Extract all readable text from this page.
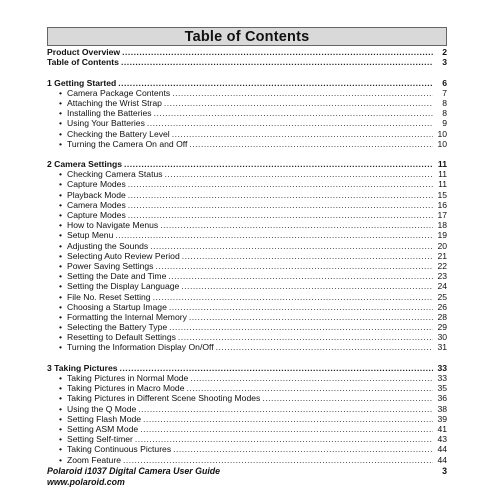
Table of Contents
Product Overview .....	2
Table of Contents .....	3
1 Getting Started .....	6
• Camera Package Contents .....	7
• Attaching the Wrist Strap .....	8
• Installing the Batteries .....	8
• Using Your Batteries .....	9
• Checking the Battery Level .....	10
• Turning the Camera On and Off .....	10
2 Camera Settings .....	11
• Checking Camera Status .....	11
• Capture Modes .....	11
• Playback Mode .....	15
• Camera Modes .....	16
• Capture Modes .....	17
• How to Navigate Menus .....	18
• Setup Menu .....	19
• Adjusting the Sounds .....	20
• Selecting Auto Review Period .....	21
• Power Saving Settings .....	22
• Setting the Date and Time .....	23
• Setting the Display Language .....	24
• File No. Reset Setting .....	25
• Choosing a Startup Image .....	26
• Formatting the Internal Memory .....	28
• Selecting the Battery Type .....	29
• Resetting to Default Settings .....	30
• Turning the Information Display On/Off .....	31
3 Taking Pictures .....	33
• Taking Pictures in Normal Mode .....	33
• Taking Pictures in Macro Mode .....	35
• Taking Pictures in Different Scene Shooting Modes .....	36
• Using the Q Mode .....	38
• Setting Flash Mode .....	39
• Setting ASM Mode .....	41
• Setting Self-timer .....	43
• Taking Continuous Pictures .....	44
• Zoom Feature .....	44
Polaroid i1037 Digital Camera User Guide	3
www.polaroid.com
